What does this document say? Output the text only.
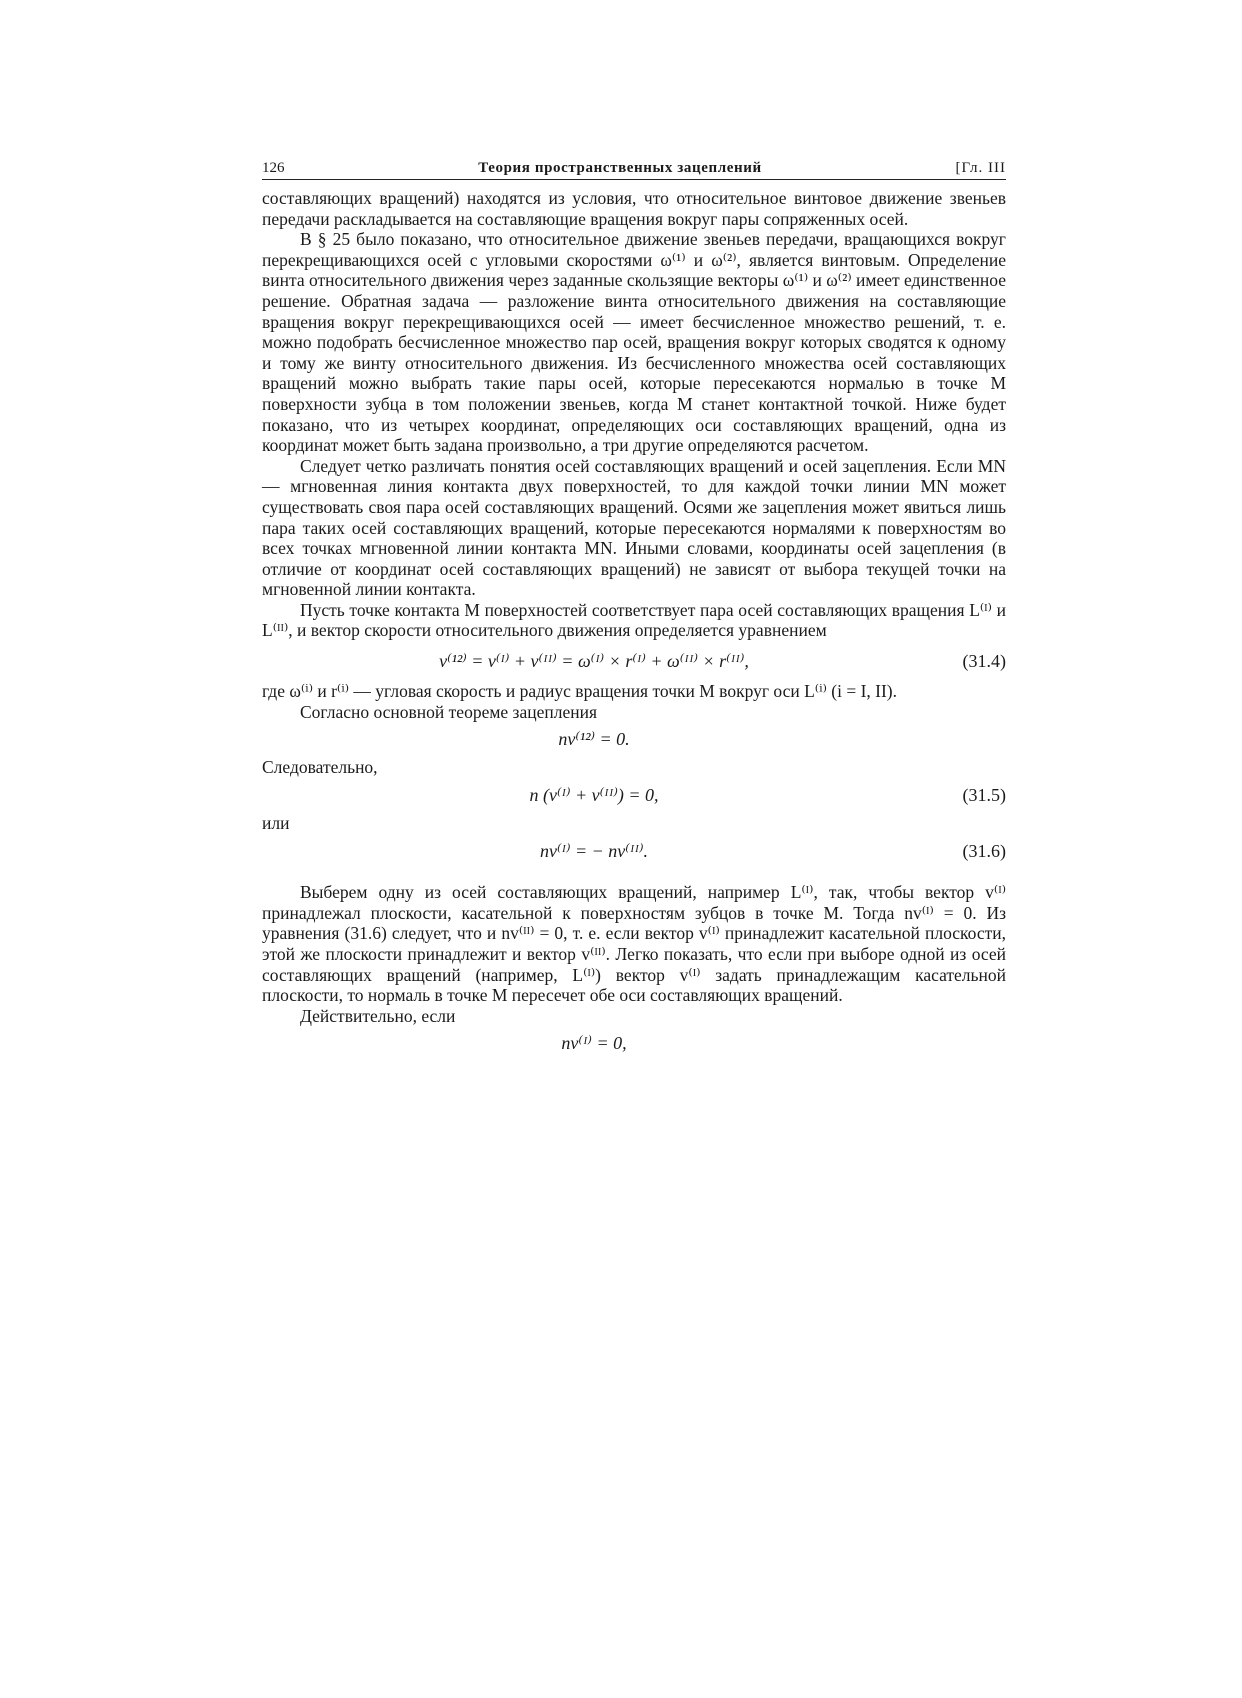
126	Теория пространственных зацеплений	[Гл. III

составляющих вращений) находятся из условия, что относительное винтовое движение звеньев передачи раскладывается на составляющие вращения вокруг пары сопряженных осей.

В § 25 было показано, что относительное движение звеньев передачи, вращающихся вокруг перекрещивающихся осей с угловыми скоростями ω⁽¹⁾ и ω⁽²⁾, является винтовым. Определение винта относительного движения через заданные скользящие векторы ω⁽¹⁾ и ω⁽²⁾ имеет единственное решение. Обратная задача — разложение винта относительного движения на составляющие вращения вокруг перекрещивающихся осей — имеет бесчисленное множество решений, т. е. можно подобрать бесчисленное множество пар осей, вращения вокруг которых сводятся к одному и тому же винту относительного движения. Из бесчисленного множества осей составляющих вращений можно выбрать такие пары осей, которые пересекаются нормалью в точке M поверхности зубца в том положении звеньев, когда M станет контактной точкой. Ниже будет показано, что из четырех координат, определяющих оси составляющих вращений, одна из координат может быть задана произвольно, а три другие определяются расчетом.

Следует четко различать понятия осей составляющих вращений и осей зацепления. Если MN — мгновенная линия контакта двух поверхностей, то для каждой точки линии MN может существовать своя пара осей составляющих вращений. Осями же зацепления может явиться лишь пара таких осей составляющих вращений, которые пересекаются нормалями к поверхностям во всех точках мгновенной линии контакта MN. Иными словами, координаты осей зацепления (в отличие от координат осей составляющих вращений) не зависят от выбора текущей точки на мгновенной линии контакта.

Пусть точке контакта M поверхностей соответствует пара осей составляющих вращения L⁽ᴵ⁾ и L⁽ᴵᴵ⁾, и вектор скорости относительного движения определяется уравнением

v⁽¹²⁾ = v⁽ᴵ⁾ + v⁽ᴵᴵ⁾ = ω⁽ᴵ⁾ × r⁽ᴵ⁾ + ω⁽ᴵᴵ⁾ × r⁽ᴵᴵ⁾,	(31.4)

где ω⁽ⁱ⁾ и r⁽ⁱ⁾ — угловая скорость и радиус вращения точки M вокруг оси L⁽ⁱ⁾ (i = I, II).

Согласно основной теореме зацепления

nv⁽¹²⁾ = 0.

Следовательно,

n (v⁽ᴵ⁾ + v⁽ᴵᴵ⁾) = 0,	(31.5)

или

nv⁽ᴵ⁾ = − nv⁽ᴵᴵ⁾.	(31.6)

Выберем одну из осей составляющих вращений, например L⁽ᴵ⁾, так, чтобы вектор v⁽ᴵ⁾ принадлежал плоскости, касательной к поверхностям зубцов в точке M. Тогда nv⁽ᴵ⁾ = 0. Из уравнения (31.6) следует, что и nv⁽ᴵᴵ⁾ = 0, т. е. если вектор v⁽ᴵ⁾ принадлежит касательной плоскости, этой же плоскости принадлежит и вектор v⁽ᴵᴵ⁾. Легко показать, что если при выборе одной из осей составляющих вращений (например, L⁽ᴵ⁾) вектор v⁽ᴵ⁾ задать принадлежащим касательной плоскости, то нормаль в точке M пересечет обе оси составляющих вращений.

Действительно, если

nv⁽ᴵ⁾ = 0,
